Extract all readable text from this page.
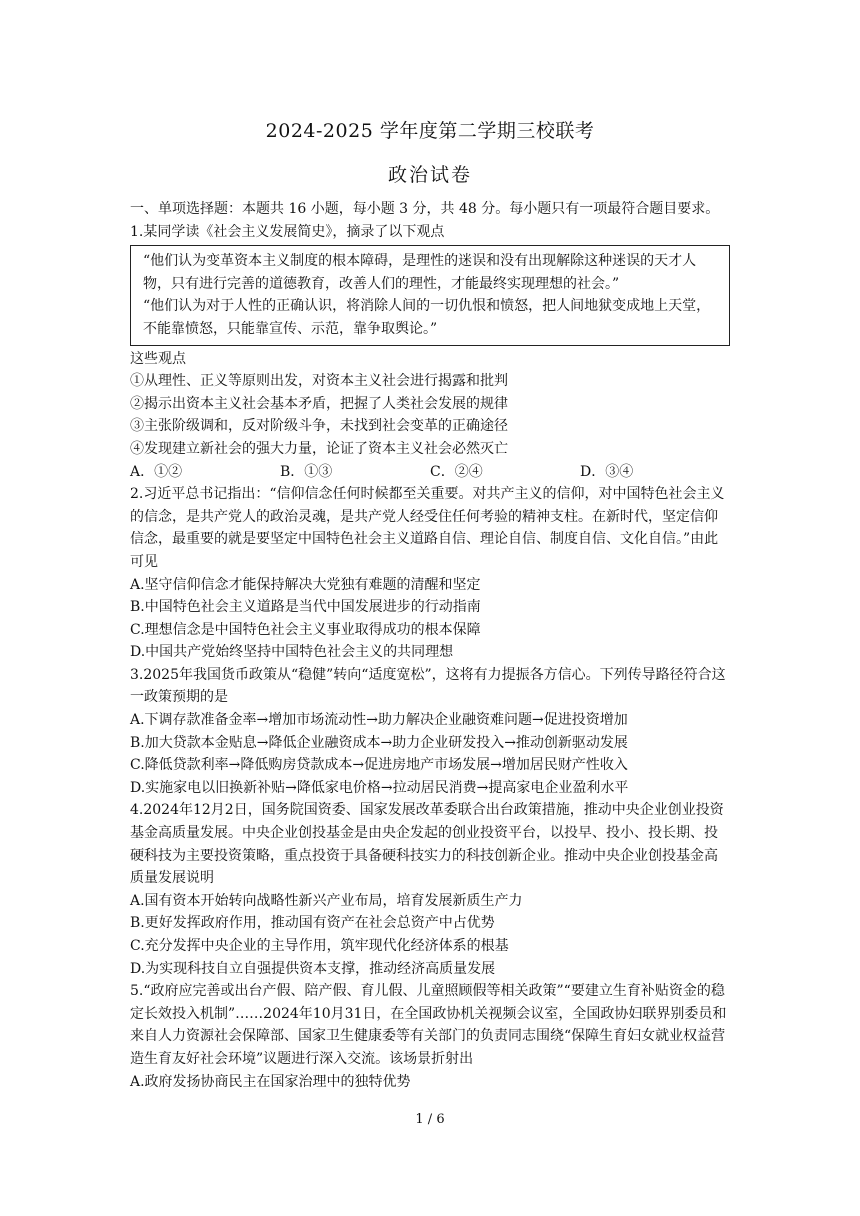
2024-2025 学年度第二学期三校联考
政治试卷

一、单项选择题：本题共 16 小题，每小题 3 分，共 48 分。每小题只有一项最符合题目要求。

1.某同学读《社会主义发展简史》，摘录了以下观点

“他们认为变革资本主义制度的根本障碍，是理性的迷误和没有出现解除这种迷误的天才人物，只有进行完善的道德教育，改善人们的理性，才能最终实现理想的社会。”

“他们认为对于人性的正确认识，将消除人间的一切仇恨和愤怒，把人间地狱变成地上天堂，不能靠愤怒，只能靠宣传、示范，靠争取舆论。”

这些观点

①从理性、正义等原则出发，对资本主义社会进行揭露和批判

②揭示出资本主义社会基本矛盾，把握了人类社会发展的规律

③主张阶级调和，反对阶级斗争，未找到社会变革的正确途径

④发现建立新社会的强大力量，论证了资本主义社会必然灭亡

A．①②	B．①③	C．②④	D．③④

2.习近平总书记指出：“信仰信念任何时候都至关重要。对共产主义的信仰，对中国特色社会主义的信念，是共产党人的政治灵魂，是共产党人经受住任何考验的精神支柱。在新时代，坚定信仰信念，最重要的就是要坚定中国特色社会主义道路自信、理论自信、制度自信、文化自信。”由此可见

A.坚守信仰信念才能保持解决大党独有难题的清醒和坚定

B.中国特色社会主义道路是当代中国发展进步的行动指南

C.理想信念是中国特色社会主义事业取得成功的根本保障

D.中国共产党始终坚持中国特色社会主义的共同理想

3.2025年我国货币政策从“稳健”转向“适度宽松”，这将有力提振各方信心。下列传导路径符合这一政策预期的是

A.下调存款准备金率→增加市场流动性→助力解决企业融资难问题→促进投资增加

B.加大贷款本金贴息→降低企业融资成本→助力企业研发投入→推动创新驱动发展

C.降低贷款利率→降低购房贷款成本→促进房地产市场发展→增加居民财产性收入

D.实施家电以旧换新补贴→降低家电价格→拉动居民消费→提高家电企业盈利水平

4.2024年12月2日，国务院国资委、国家发展改革委联合出台政策措施，推动中央企业创业投资基金高质量发展。中央企业创投基金是由央企发起的创业投资平台，以投早、投小、投长期、投硬科技为主要投资策略，重点投资于具备硬科技实力的科技创新企业。推动中央企业创投基金高质量发展说明

A.国有资本开始转向战略性新兴产业布局，培育发展新质生产力

B.更好发挥政府作用，推动国有资产在社会总资产中占优势

C.充分发挥中央企业的主导作用，筑牢现代化经济体系的根基

D.为实现科技自立自强提供资本支撑，推动经济高质量发展

5.“政府应完善或出台产假、陪产假、育儿假、儿童照顾假等相关政策”“要建立生育补贴资金的稳定长效投入机制”……2024年10月31日，在全国政协机关视频会议室，全国政协妇联界别委员和来自人力资源社会保障部、国家卫生健康委等有关部门的负责同志围绕“保障生育妇女就业权益营造生育友好社会环境”议题进行深入交流。该场景折射出

A.政府发扬协商民主在国家治理中的独特优势

1 / 6
